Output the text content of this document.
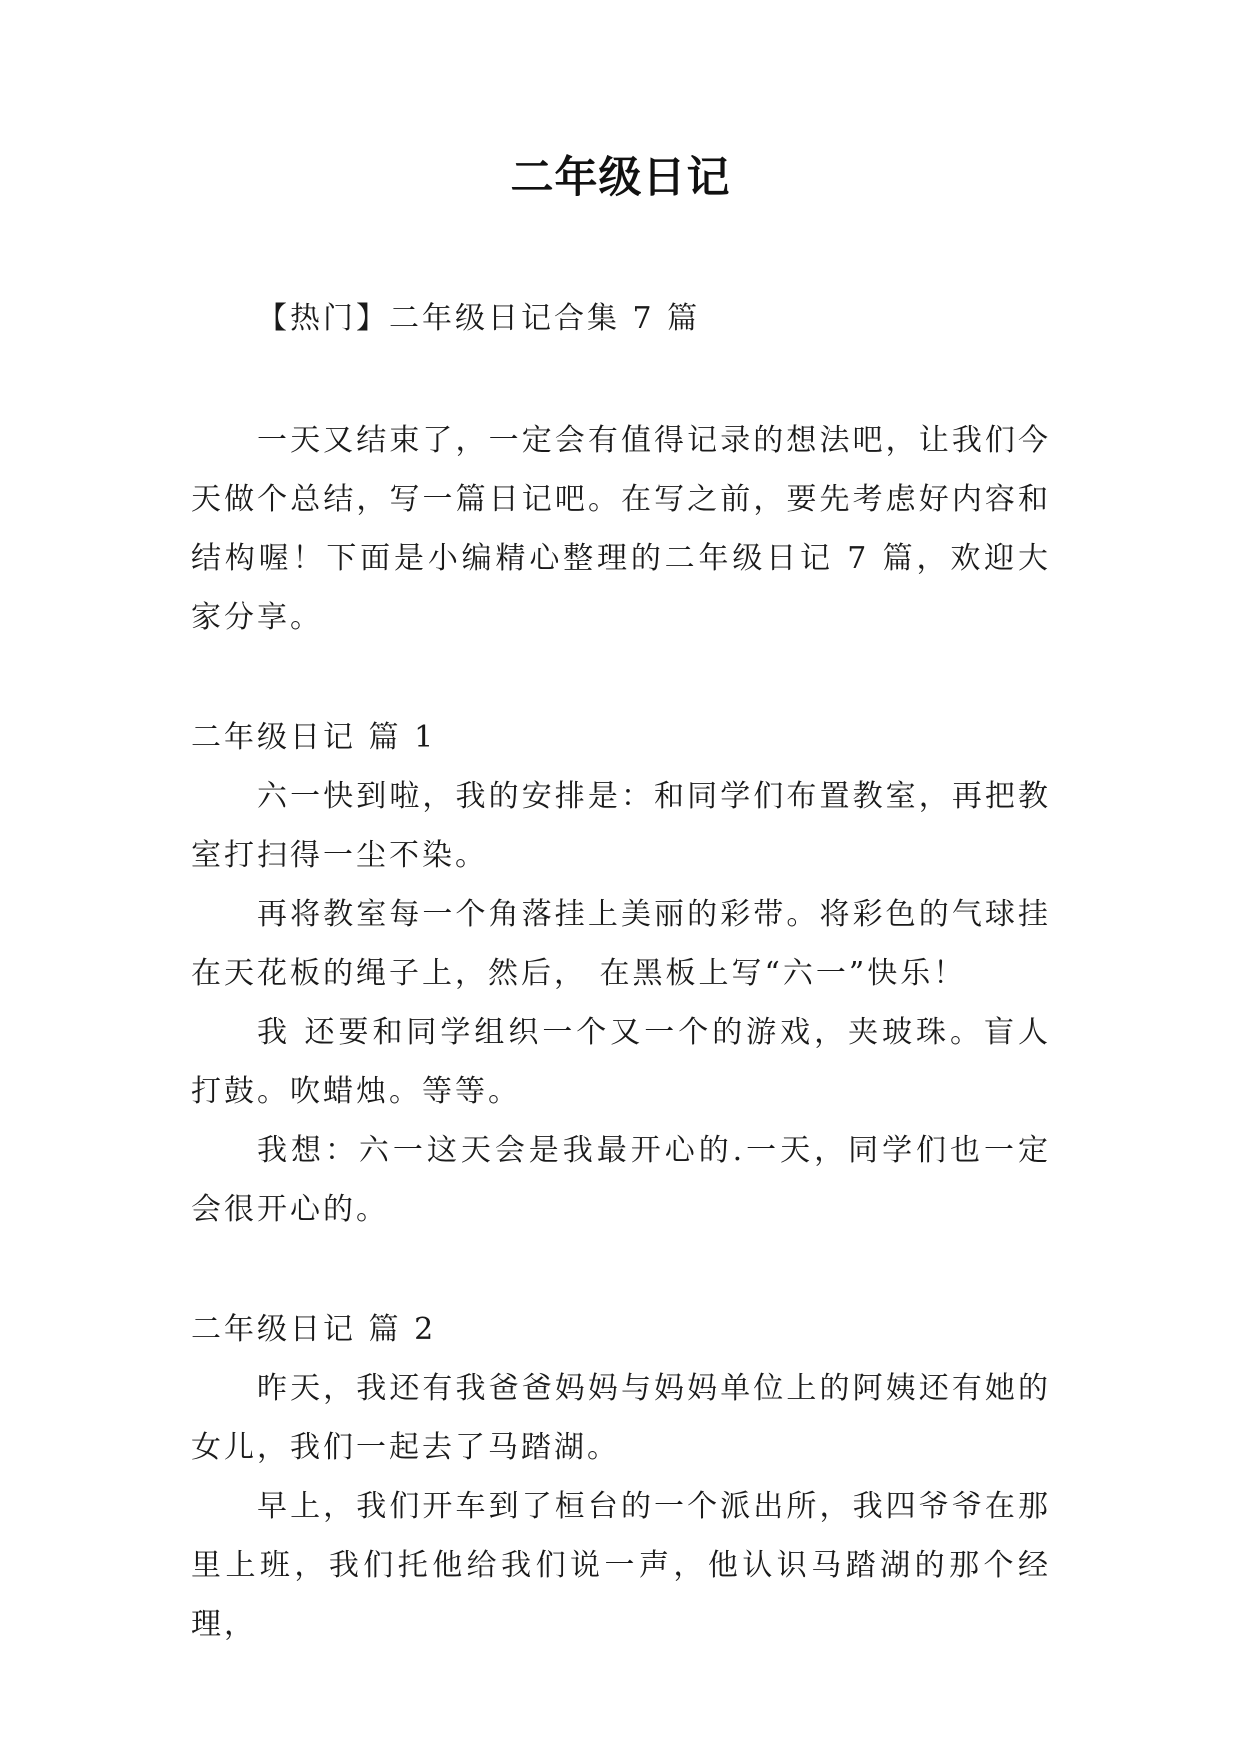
二年级日记

【热门】二年级日记合集 7 篇

一天又结束了，一定会有值得记录的想法吧，让我们今天做个总结，写一篇日记吧。在写之前，要先考虑好内容和结构喔！下面是小编精心整理的二年级日记 7 篇，欢迎大家分享。

二年级日记 篇 1

六一快到啦，我的安排是：和同学们布置教室，再把教室打扫得一尘不染。

再将教室每一个角落挂上美丽的彩带。将彩色的气球挂在天花板的绳子上，然后， 在黑板上写“六一”快乐！

我 还要和同学组织一个又一个的游戏，夹玻珠。盲人打鼓。吹蜡烛。等等。

我想：六一这天会是我最开心的.一天，同学们也一定会很开心的。

二年级日记 篇 2

昨天，我还有我爸爸妈妈与妈妈单位上的阿姨还有她的女儿，我们一起去了马踏湖。

早上，我们开车到了桓台的一个派出所，我四爷爷在那里上班，我们托他给我们说一声，他认识马踏湖的那个经理，
